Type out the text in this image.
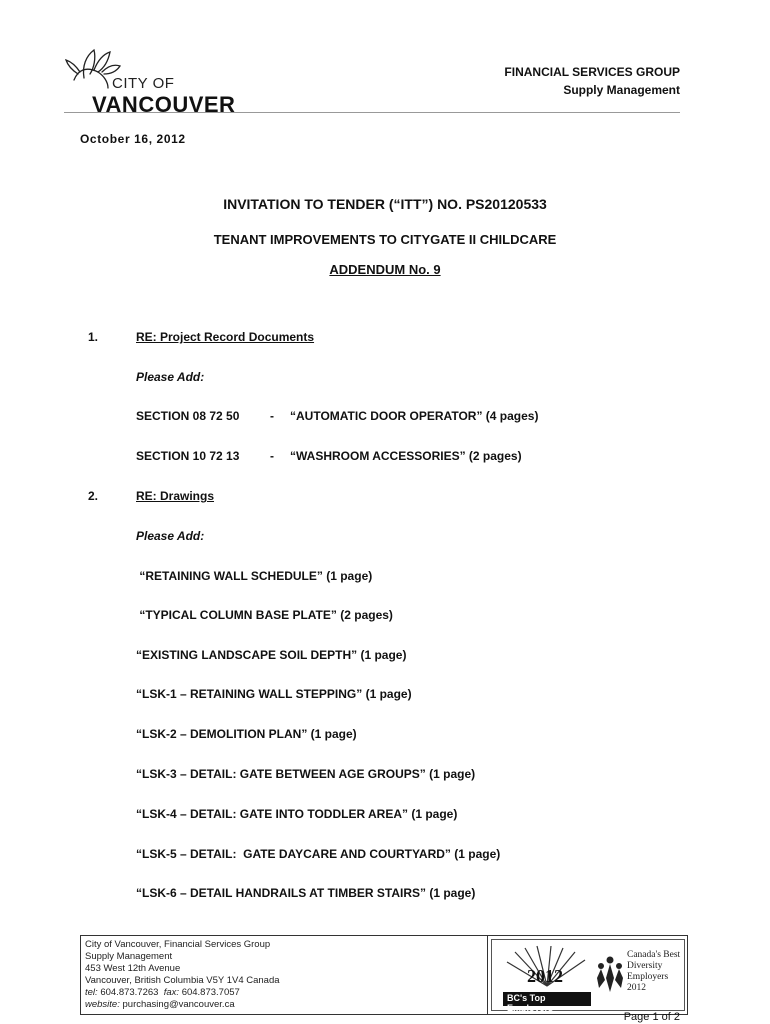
CITY OF
VANCOUVER
FINANCIAL SERVICES GROUP
Supply Management
October 16, 2012
INVITATION TO TENDER (“ITT”) NO. PS20120533
TENANT IMPROVEMENTS TO CITYGATE II CHILDCARE
ADDENDUM No. 9
1.	RE: Project Record Documents
Please Add:
SECTION 08 72 50	- “AUTOMATIC DOOR OPERATOR” (4 pages)
SECTION 10 72 13	- “WASHROOM ACCESSORIES” (2 pages)
2.	RE: Drawings
Please Add:
“RETAINING WALL SCHEDULE” (1 page)
“TYPICAL COLUMN BASE PLATE” (2 pages)
“EXISTING LANDSCAPE SOIL DEPTH” (1 page)
“LSK-1 – RETAINING WALL STEPPING” (1 page)
“LSK-2 – DEMOLITION PLAN” (1 page)
“LSK-3 – DETAIL: GATE BETWEEN AGE GROUPS” (1 page)
“LSK-4 – DETAIL: GATE INTO TODDLER AREA” (1 page)
“LSK-5 – DETAIL:  GATE DAYCARE AND COURTYARD” (1 page)
“LSK-6 – DETAIL HANDRAILS AT TIMBER STAIRS” (1 page)
City of Vancouver, Financial Services Group
Supply Management
453 West 12th Avenue
Vancouver, British Columbia V5Y 1V4 Canada
tel: 604.873.7263 fax: 604.873.7057
website: purchasing@vancouver.ca
2012
BC's Top Employers
Canada's Best
Diversity
Employers 2012
Page 1 of 2
